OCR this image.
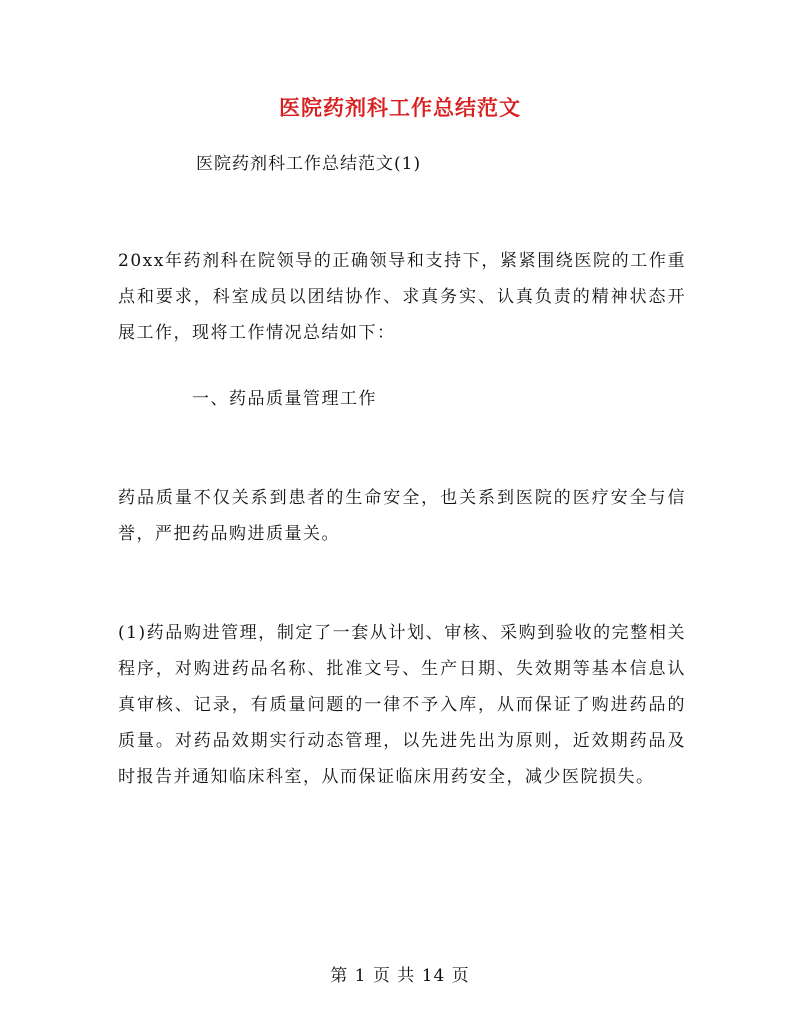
医院药剂科工作总结范文
医院药剂科工作总结范文(1)
20xx年药剂科在院领导的正确领导和支持下，紧紧围绕医院的工作重点和要求，科室成员以团结协作、求真务实、认真负责的精神状态开展工作，现将工作情况总结如下：
一、药品质量管理工作
药品质量不仅关系到患者的生命安全，也关系到医院的医疗安全与信誉，严把药品购进质量关。
(1)药品购进管理，制定了一套从计划、审核、采购到验收的完整相关程序，对购进药品名称、批准文号、生产日期、失效期等基本信息认真审核、记录，有质量问题的一律不予入库，从而保证了购进药品的质量。对药品效期实行动态管理，以先进先出为原则，近效期药品及时报告并通知临床科室，从而保证临床用药安全，减少医院损失。
第 1 页 共 14 页
